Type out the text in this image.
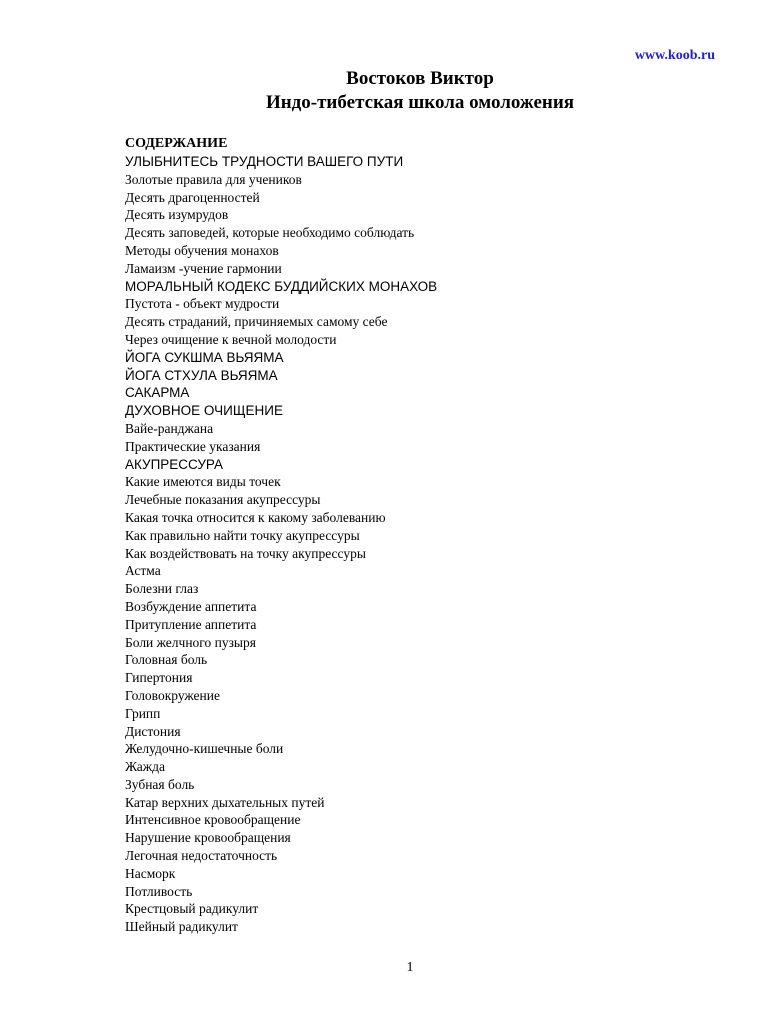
www.koob.ru
Востоков Виктор
Индо-тибетская школа омоложения
СОДЕРЖАНИЕ
УЛЫБНИТЕСЬ ТРУДНОСТИ ВАШЕГО ПУТИ
Золотые правила для учеников
Десять драгоценностей
Десять изумрудов
Десять заповедей, которые необходимо соблюдать
Методы обучения монахов
Ламаизм -учение гармонии
МОРАЛЬНЫЙ КОДЕКС БУДДИЙСКИХ МОНАХОВ
Пустота - объект мудрости
Десять страданий, причиняемых самому себе
Через очищение к вечной молодости
ЙОГА СУКШМА ВЬЯЯМА
ЙОГА СТХУЛА ВЬЯЯМА
САКАРМА
ДУХОВНОЕ ОЧИЩЕНИЕ
Вайе-ранджана
Практические указания
АКУПРЕССУРА
Какие имеются виды точек
Лечебные показания акупрессуры
Какая точка относится к какому заболеванию
Как правильно найти точку акупрессуры
Как воздействовать на точку акупрессуры
Астма
Болезни глаз
Возбуждение аппетита
Притупление аппетита
Боли желчного пузыря
Головная боль
Гипертония
Головокружение
Грипп
Дистония
Желудочно-кишечные боли
Жажда
Зубная боль
Катар верхних дыхательных путей
Интенсивное кровообращение
Нарушение кровообращения
Легочная недостаточность
Насморк
Потливость
Крестцовый радикулит
Шейный радикулит
1
